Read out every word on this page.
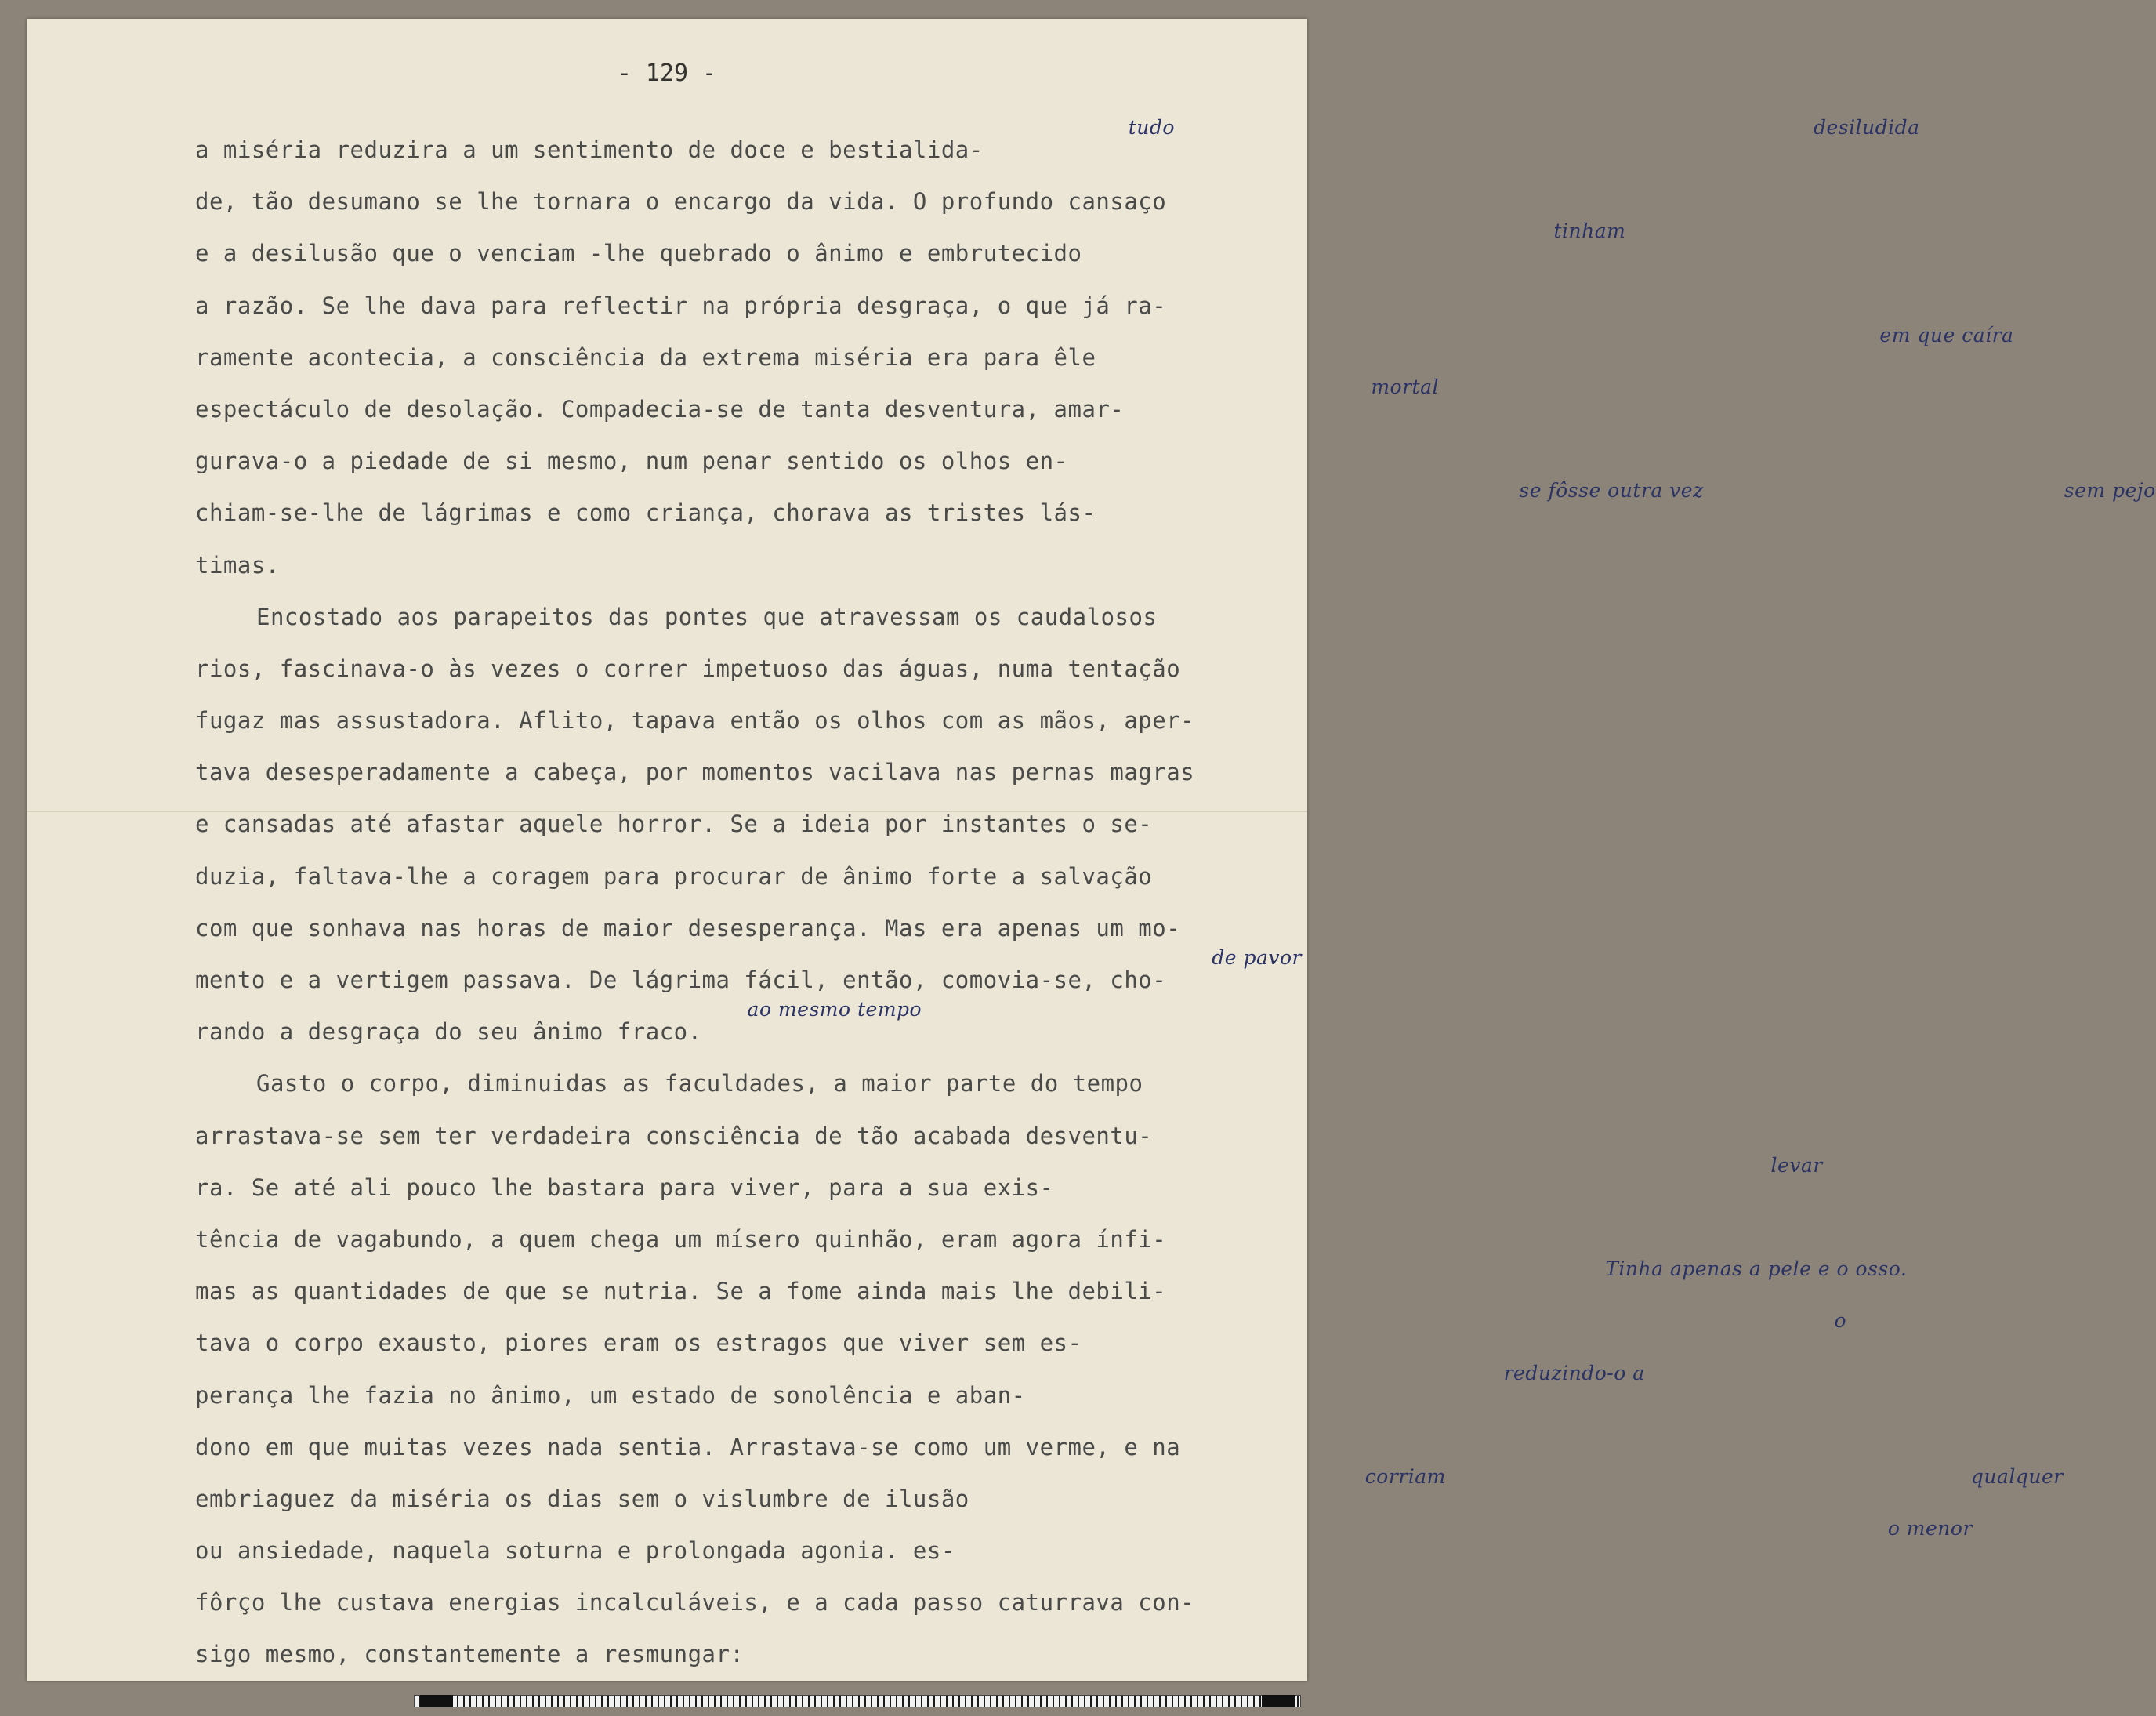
- 129 -
a miséria reduzira a um sentimento de doce e bestialida-tudo	desiludida
de, tão desumano se lhe tornara o encargo da vida. O profundo cansaço
e a desilusão que o venciam -lhe quebrado o ânimo e embrutecidotinham
a razão. Se lhe dava para reflectir na própria desgraça, o que já ra-
ramente acontecia, a consciência da extrema miséria era para êleem que caíra
espectáculo de desolação. Compadecia-se de tanta desventura, amar-mortal
gurava-o a piedade de si mesmo, num penar sentido os olhos en-
chiam-se-lhe de lágrimas e como criança, chorava as tristes lás-se fôsse outra vez	sem pejo
timas.
Encostado aos parapeitos das pontes que atravessam os caudalosos
rios, fascinava-o às vezes o correr impetuoso das águas, numa tentação
fugaz mas assustadora. Aflito, tapava então os olhos com as mãos, aper-
tava desesperadamente a cabeça, por momentos vacilava nas pernas magras
e cansadas até afastar aquele horror. Se a ideia por instantes o se-
duzia, faltava-lhe a coragem para procurar de ânimo forte a salvação
com que sonhava nas horas de maior desesperança. Mas era apenas um mo-
mento e a vertigem passava. De lágrima fácil, então, comovia-se, cho-de pavor
rando a desgraça do seu ânimo fraco.ao mesmo tempo
Gasto o corpo, diminuidas as faculdades, a maior parte do tempo
arrastava-se sem ter verdadeira consciência de tão acabada desventu-
ra. Se até ali pouco lhe bastara para viver, para a sua exis-levar
tência de vagabundo, a quem chega um mísero quinhão, eram agora ínfi-
mas as quantidades de que se nutria. Se a fome ainda mais lhe debili-Tinha apenas a pele e o osso.
tava o corpo exausto, piores eram os estragos que viver sem es-o
perança lhe fazia no ânimo, um estado de sonolência e aban-reduzindo-o a
dono em que muitas vezes nada sentia. Arrastava-se como um verme, e na
embriaguez da miséria os dias sem o vislumbre de ilusãocorriam	qualquer
ou ansiedade, naquela soturna e prolongada agonia. es-o menor
fôrço lhe custava energias incalculáveis, e a cada passo caturrava con-
sigo mesmo, constantemente a resmungar:
